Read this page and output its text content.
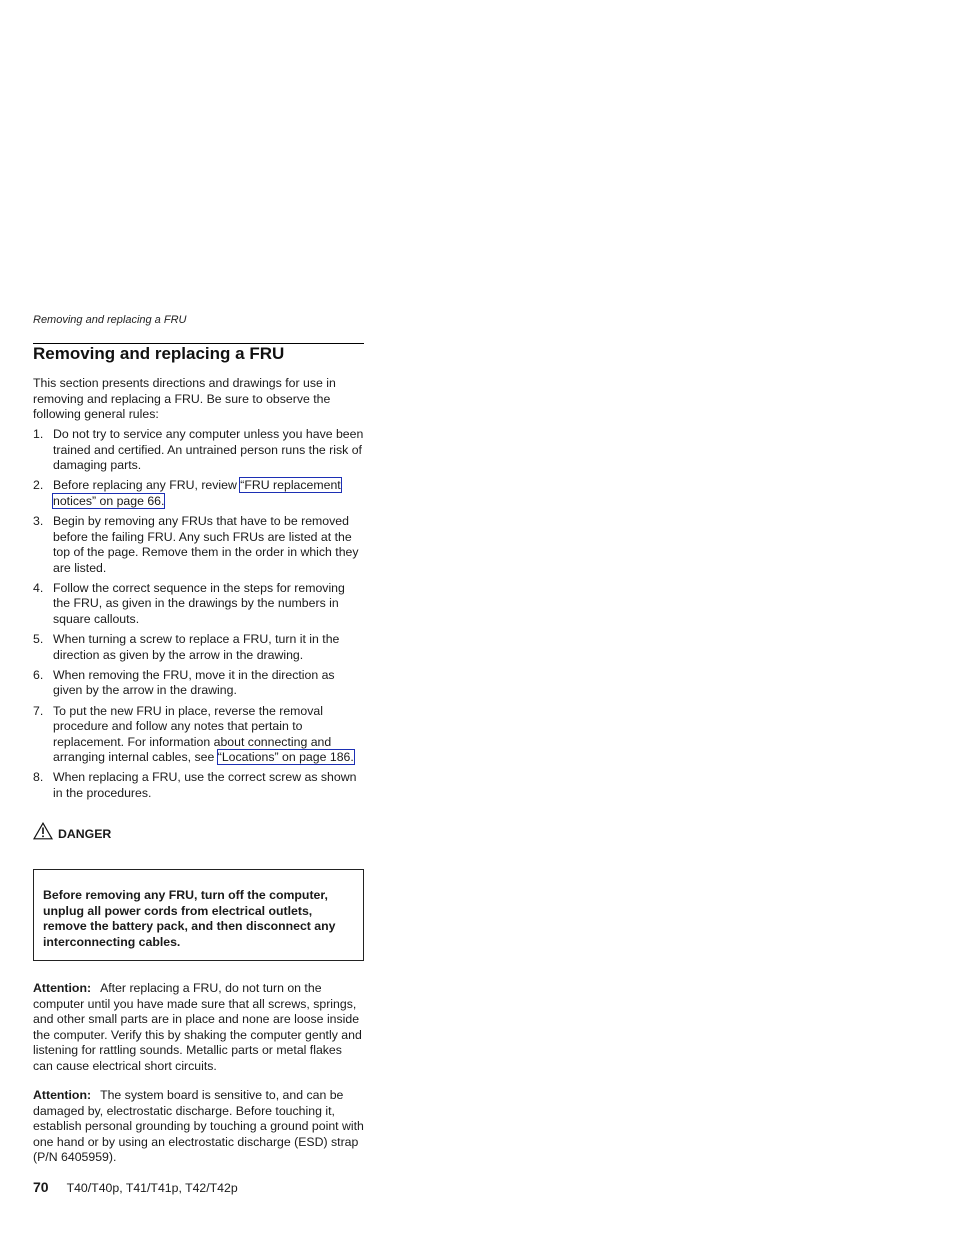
Removing and replacing a FRU
Removing and replacing a FRU

This section presents directions and drawings for use in removing and replacing a FRU. Be sure to observe the following general rules:

1. Do not try to service any computer unless you have been trained and certified. An untrained person runs the risk of damaging parts.
2. Before replacing any FRU, review “FRU replacement notices” on page 66.
3. Begin by removing any FRUs that have to be removed before the failing FRU. Any such FRUs are listed at the top of the page. Remove them in the order in which they are listed.
4. Follow the correct sequence in the steps for removing the FRU, as given in the drawings by the numbers in square callouts.
5. When turning a screw to replace a FRU, turn it in the direction as given by the arrow in the drawing.
6. When removing the FRU, move it in the direction as given by the arrow in the drawing.
7. To put the new FRU in place, reverse the removal procedure and follow any notes that pertain to replacement. For information about connecting and arranging internal cables, see “Locations” on page 186.
8. When replacing a FRU, use the correct screw as shown in the procedures.
DANGER

Before removing any FRU, turn off the computer, unplug all power cords from electrical outlets, remove the battery pack, and then disconnect any interconnecting cables.

Attention: After replacing a FRU, do not turn on the computer until you have made sure that all screws, springs, and other small parts are in place and none are loose inside the computer. Verify this by shaking the computer gently and listening for rattling sounds. Metallic parts or metal flakes can cause electrical short circuits.

Attention: The system board is sensitive to, and can be damaged by, electrostatic discharge. Before touching it, establish personal grounding by touching a ground point with one hand or by using an electrostatic discharge (ESD) strap (P/N 6405959).

70 T40/T40p, T41/T41p, T42/T42p
